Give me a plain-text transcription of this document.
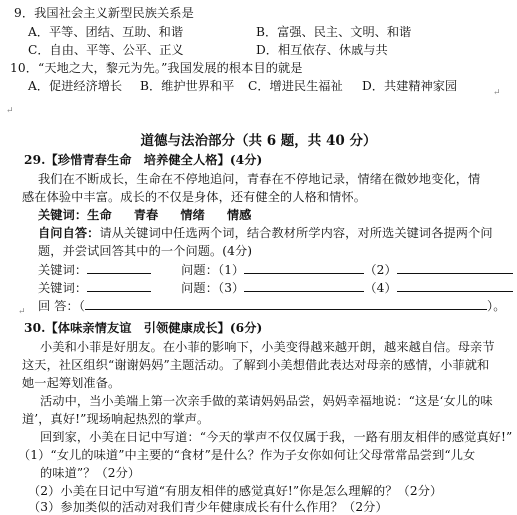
9．我国社会主义新型民族关系是
A．平等、团结、互助、和谐	B．富强、民主、文明、和谐
C．自由、平等、公平、正义	D．相互依存、休戚与共
10．“天地之大，黎元为先。”我国发展的根本目的就是
A．促进经济增长 B．维护世界和平 C．增进民生福祉 D．共建精神家园	↵
↵
道德与法治部分（共 6 题，共 40 分）
29.【珍惜青春生命　培养健全人格】(4分)
我们在不断成长，生命在不停地追问，青春在不停地记录，情绪在微妙地变化，情
感在体验中丰富。成长的不仅是身体，还有健全的人格和情怀。
关键词：生命 青春 情绪 情感
自问自答：请从关键词中任选两个词，结合教材所学内容，对所选关键词各提两个问
题，并尝试回答其中的一个问题。(4分)
关键词：	问题：（1）	（2）
关键词：	问题：（3）	（4）
回 答：（	）。
↵
30.【体味亲情友谊　引领健康成长】(6分)
小美和小菲是好朋友。在小菲的影响下，小美变得越来越开朗，越来越自信。母亲节
这天，社区组织“谢谢妈妈”主题活动。了解到小美想借此表达对母亲的感情，小菲就和
她一起筹划准备。
活动中，当小美端上第一次亲手做的菜请妈妈品尝，妈妈幸福地说：“这是‘女儿的味
道’，真好!”现场响起热烈的掌声。
回到家，小美在日记中写道：“今天的掌声不仅仅属于我，一路有朋友相伴的感觉真好!”
（1）“女儿的味道”中主要的“食材”是什么？作为子女你如何让父母常常品尝到“儿女
的味道”？（2分）
（2）小美在日记中写道“有朋友相伴的感觉真好!”你是怎么理解的？（2分）
（3）参加类似的活动对我们青少年健康成长有什么作用？（2分）
